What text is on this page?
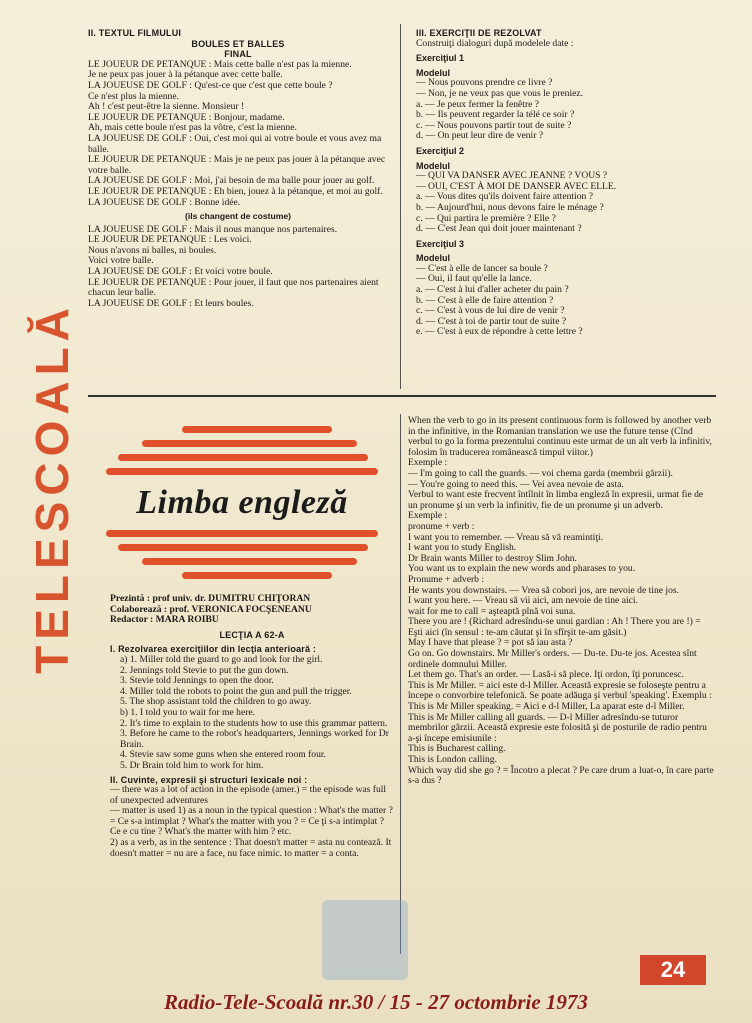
TELESCOALĂ

II. TEXTUL FILMULUI

BOULES ET BALLES

FINAL

LE JOUEUR DE PETANQUE : Mais cette balle n'est pas la mienne.

Je ne peux pas jouer à la pétanque avec cette balle.

LA JOUEUSE DE GOLF : Qu'est-ce que c'est que cette boule ?

Ce n'est plus la mienne.

Ah ! c'est peut-être la sienne. Monsieur !

LE JOUEUR DE PETANQUE : Bonjour, madame.

Ah, mais cette boule n'est pas la vôtre, c'est la mienne.

LA JOUEUSE DE GOLF : Oui, c'est moi qui ai votre boule et vous avez ma balle.

LE JOUEUR DE PETANQUE : Mais je ne peux pas jouer à la pétanque avec votre balle.

LA JOUEUSE DE GOLF : Moi, j'ai besoin de ma balle pour jouer au golf.

LE JOUEUR DE PETANQUE : Eh bien, jouez à la pétanque, et moi au golf.

LA JOUEUSE DE GOLF : Bonne idée.

(ils changent de costume)

LA JOUEUSE DE GOLF : Mais il nous manque nos partenaires.

LE JOUEUR DE PETANQUE : Les voici.

Nous n'avons ni balles, ni boules.

Voici votre balle.

LA JOUEUSE DE GOLF : Et voici votre boule.

LE JOUEUR DE PETANQUE : Pour jouer, il faut que nos partenaires aient chacun leur balle.

LA JOUEUSE DE GOLF : Et leurs boules.

III. EXERCIŢII DE REZOLVAT

Construiţi dialoguri după modelele date :

Exerciţiul 1

Modelul

— Nous pouvons prendre ce livre ?

— Non, je ne veux pas que vous le preniez.

a. — Je peux fermer la fenêtre ?

b. — Ils peuvent regarder la télé ce soir ?

c. — Nous pouvons partir tout de suite ?

d. — On peut leur dire de venir ?

Exerciţiul 2

Modelul

— QUI VA DANSER AVEC JEANNE ? VOUS ?

— OUI, C'EST À MOI DE DANSER AVEC ELLE.

a. — Vous dites qu'ils doivent faire attention ?

b. — Aujourd'hui, nous devons faire le ménage ?

c. — Qui partira le première ? Elle ?

d. — C'est Jean qui doit jouer maintenant ?

Exerciţiul 3

Modelul

— C'est à elle de lancer sa boule ?

— Oui, il faut qu'elle la lance.

a. — C'est à lui d'aller acheter du pain ?

b. — C'est à elle de faire attention ?

c. — C'est à vous de lui dire de venir ?

d. — C'est à toi de partir tout de suite ?

e. — C'est à eux de répondre à cette lettre ?

Limba engleză

Prezintă : prof univ. dr. DUMITRU CHIŢORAN

Colaborează : prof. VERONICA FOCŞENEANU

Redactor : MARA ROIBU

LECŢIA A 62-A

I. Rezolvarea exerciţiilor din lecţia anterioară :

a) 1. Miller told the guard to go and look for the girl.

2. Jennings told Stevie to put the gun down.

3. Stevie told Jennings to open the door.

4. Miller told the robots to point the gun and pull the trigger.

5. The shop assistant told the children to go away.

b) 1. I told you to wait for me here.

2. It's time to explain to the students how to use this grammar pattern.

3. Before he came to the robot's headquarters, Jennings worked for Dr Brain.

4. Stevie saw some guns when she entered room four.

5. Dr Brain told him to work for him.

II. Cuvinte, expresii şi structuri lexicale noi :

— there was a lot of action in the episode (amer.) = the episode was full of unexpected adventures

— matter is used 1) as a noun in the typical question : What's the matter ? = Ce s-a intimplat ? What's the matter with you ? = Ce ţi s-a intimplat ? Ce e cu tine ? What's the matter with him ? etc.

2) as a verb, as in the sentence : That doesn't matter = asta nu contează. It doesn't matter = nu are a face, nu face nimic. to matter = a conta.

When the verb to go in its present continuous form is followed by another verb in the infinitive, in the Romanian translation we use the future tense (Cînd verbul to go la forma prezentului continuu este urmat de un alt verb la infinitiv, folosim în traducerea românească timpul viitor.)

Exemple :

— I'm going to call the guards. — voi chema garda (membrii gărzii).

— You're going to need this. — Vei avea nevoie de asta.

Verbul to want este frecvent întîlnit în limba engleză în expresii, urmat fie de un pronume şi un verb la infinitiv, fie de un pronume şi un adverb.

Exemple :

pronume + verb :

I want you to remember. — Vreau să vă reamintiţi.

I want you to study English.

Dr Brain wants Miller to destroy Slim John.

You want us to explain the new words and pharases to you.

Pronume + adverb :

He wants you downstairs. — Vrea să cobori jos, are nevoie de tine jos.

I want you here. — Vreau să vii aici, am nevoie de tine aici.

wait for me to call = aşteaptă pînă voi suna.

There you are ! (Richard adresîndu-se unui gardian : Ah ! There you are !) = Eşti aici (în sensul : te-am căutat şi în sfîrşit te-am găsit.)

May I have that please ? = pot să iau asta ?

Go on. Go downstairs. Mr Miller's orders. — Du-te. Du-te jos. Acestea sînt ordinele domnului Miller.

Let them go. That's an order. — Lasă-i să plece. Iţi ordon, îţi poruncesc.

This is Mr Miller. = aici este d-l Miller. Această expresie se foloseşte pentru a începe o convorbire telefonică. Se poate adăuga şi verbul 'speaking'. Exemplu : This is Mr Miller speaking. = Aici e d-l Miller, La aparat este d-l Miller.

This is Mr Miller calling all guards. — D-l Miller adresîndu-se tuturor membrilor gărzii. Această expresie este folosită şi de posturile de radio pentru a-şi începe emisiunile :

This is Bucharest calling.

This is London calling.

Which way did she go ? = Încotro a plecat ? Pe care drum a luat-o, în care parte s-a dus ?

24
Radio-Tele-Scoală nr.30 / 15 - 27 octombrie 1973
